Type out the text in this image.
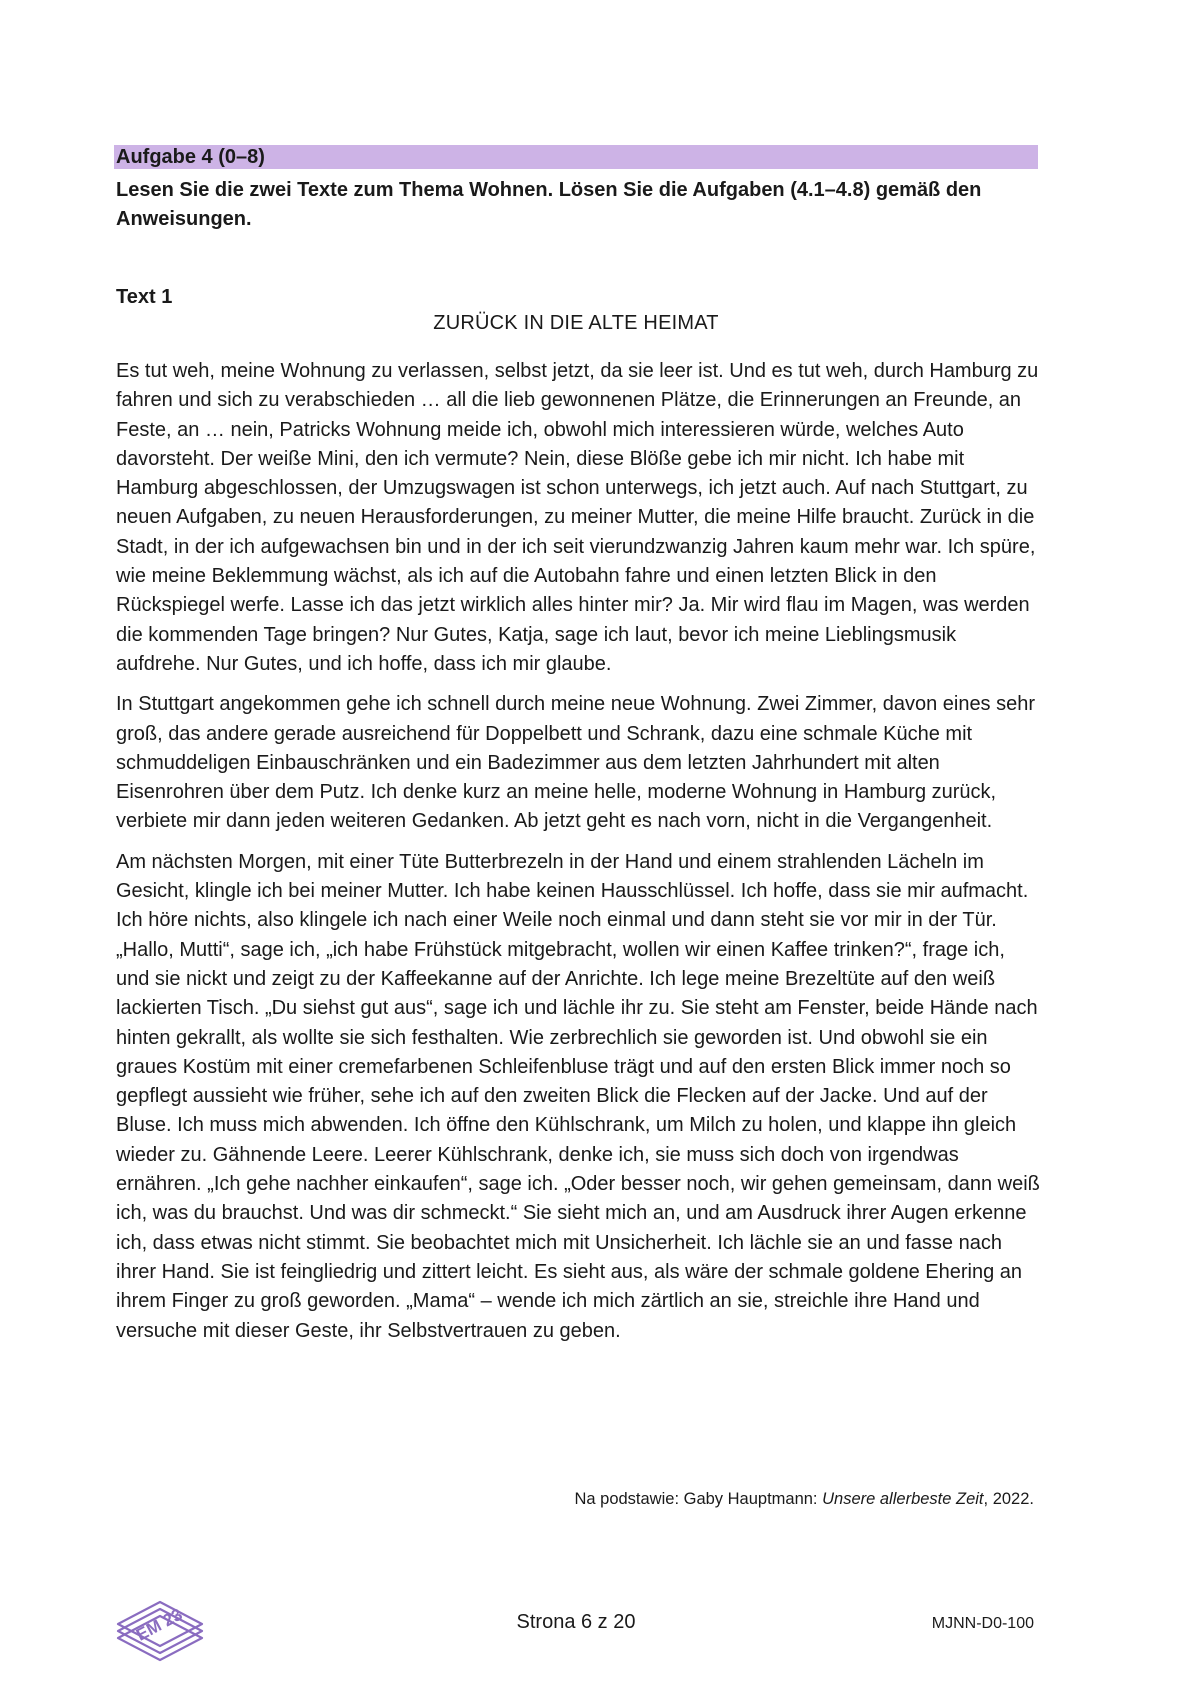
Aufgabe 4 (0–8)
Lesen Sie die zwei Texte zum Thema Wohnen. Lösen Sie die Aufgaben (4.1–4.8) gemäß den Anweisungen.
Text 1
ZURÜCK IN DIE ALTE HEIMAT

Es tut weh, meine Wohnung zu verlassen, selbst jetzt, da sie leer ist. Und es tut weh, durch Hamburg zu fahren und sich zu verabschieden … all die lieb gewonnenen Plätze, die Erinnerungen an Freunde, an Feste, an … nein, Patricks Wohnung meide ich, obwohl mich interessieren würde, welches Auto davorsteht. Der weiße Mini, den ich vermute? Nein, diese Blöße gebe ich mir nicht. Ich habe mit Hamburg abgeschlossen, der Umzugswagen ist schon unterwegs, ich jetzt auch. Auf nach Stuttgart, zu neuen Aufgaben, zu neuen Herausforderungen, zu meiner Mutter, die meine Hilfe braucht. Zurück in die Stadt, in der ich aufgewachsen bin und in der ich seit vierundzwanzig Jahren kaum mehr war. Ich spüre, wie meine Beklemmung wächst, als ich auf die Autobahn fahre und einen letzten Blick in den Rückspiegel werfe. Lasse ich das jetzt wirklich alles hinter mir? Ja. Mir wird flau im Magen, was werden die kommenden Tage bringen? Nur Gutes, Katja, sage ich laut, bevor ich meine Lieblingsmusik aufdrehe. Nur Gutes, und ich hoffe, dass ich mir glaube.

In Stuttgart angekommen gehe ich schnell durch meine neue Wohnung. Zwei Zimmer, davon eines sehr groß, das andere gerade ausreichend für Doppelbett und Schrank, dazu eine schmale Küche mit schmuddeligen Einbauschränken und ein Badezimmer aus dem letzten Jahrhundert mit alten Eisenrohren über dem Putz. Ich denke kurz an meine helle, moderne Wohnung in Hamburg zurück, verbiete mir dann jeden weiteren Gedanken. Ab jetzt geht es nach vorn, nicht in die Vergangenheit.

Am nächsten Morgen, mit einer Tüte Butterbrezeln in der Hand und einem strahlenden Lächeln im Gesicht, klingle ich bei meiner Mutter. Ich habe keinen Hausschlüssel. Ich hoffe, dass sie mir aufmacht. Ich höre nichts, also klingele ich nach einer Weile noch einmal und dann steht sie vor mir in der Tür. „Hallo, Mutti“, sage ich, „ich habe Frühstück mitgebracht, wollen wir einen Kaffee trinken?“, frage ich, und sie nickt und zeigt zu der Kaffeekanne auf der Anrichte. Ich lege meine Brezeltüte auf den weiß lackierten Tisch. „Du siehst gut aus“, sage ich und lächle ihr zu. Sie steht am Fenster, beide Hände nach hinten gekrallt, als wollte sie sich festhalten. Wie zerbrechlich sie geworden ist. Und obwohl sie ein graues Kostüm mit einer cremefarbenen Schleifenbluse trägt und auf den ersten Blick immer noch so gepflegt aussieht wie früher, sehe ich auf den zweiten Blick die Flecken auf der Jacke. Und auf der Bluse. Ich muss mich abwenden. Ich öffne den Kühlschrank, um Milch zu holen, und klappe ihn gleich wieder zu. Gähnende Leere. Leerer Kühlschrank, denke ich, sie muss sich doch von irgendwas ernähren. „Ich gehe nachher einkaufen“, sage ich. „Oder besser noch, wir gehen gemeinsam, dann weiß ich, was du brauchst. Und was dir schmeckt.“ Sie sieht mich an, und am Ausdruck ihrer Augen erkenne ich, dass etwas nicht stimmt. Sie beobachtet mich mit Unsicherheit. Ich lächle sie an und fasse nach ihrer Hand. Sie ist feingliedrig und zittert leicht. Es sieht aus, als wäre der schmale goldene Ehering an ihrem Finger zu groß geworden. „Mama“ – wende ich mich zärtlich an sie, streichle ihre Hand und versuche mit dieser Geste, ihr Selbstvertrauen zu geben.

Na podstawie: Gaby Hauptmann: Unsere allerbeste Zeit, 2022.
EM 23	Strona 6 z 20	MJNN-D0-100
